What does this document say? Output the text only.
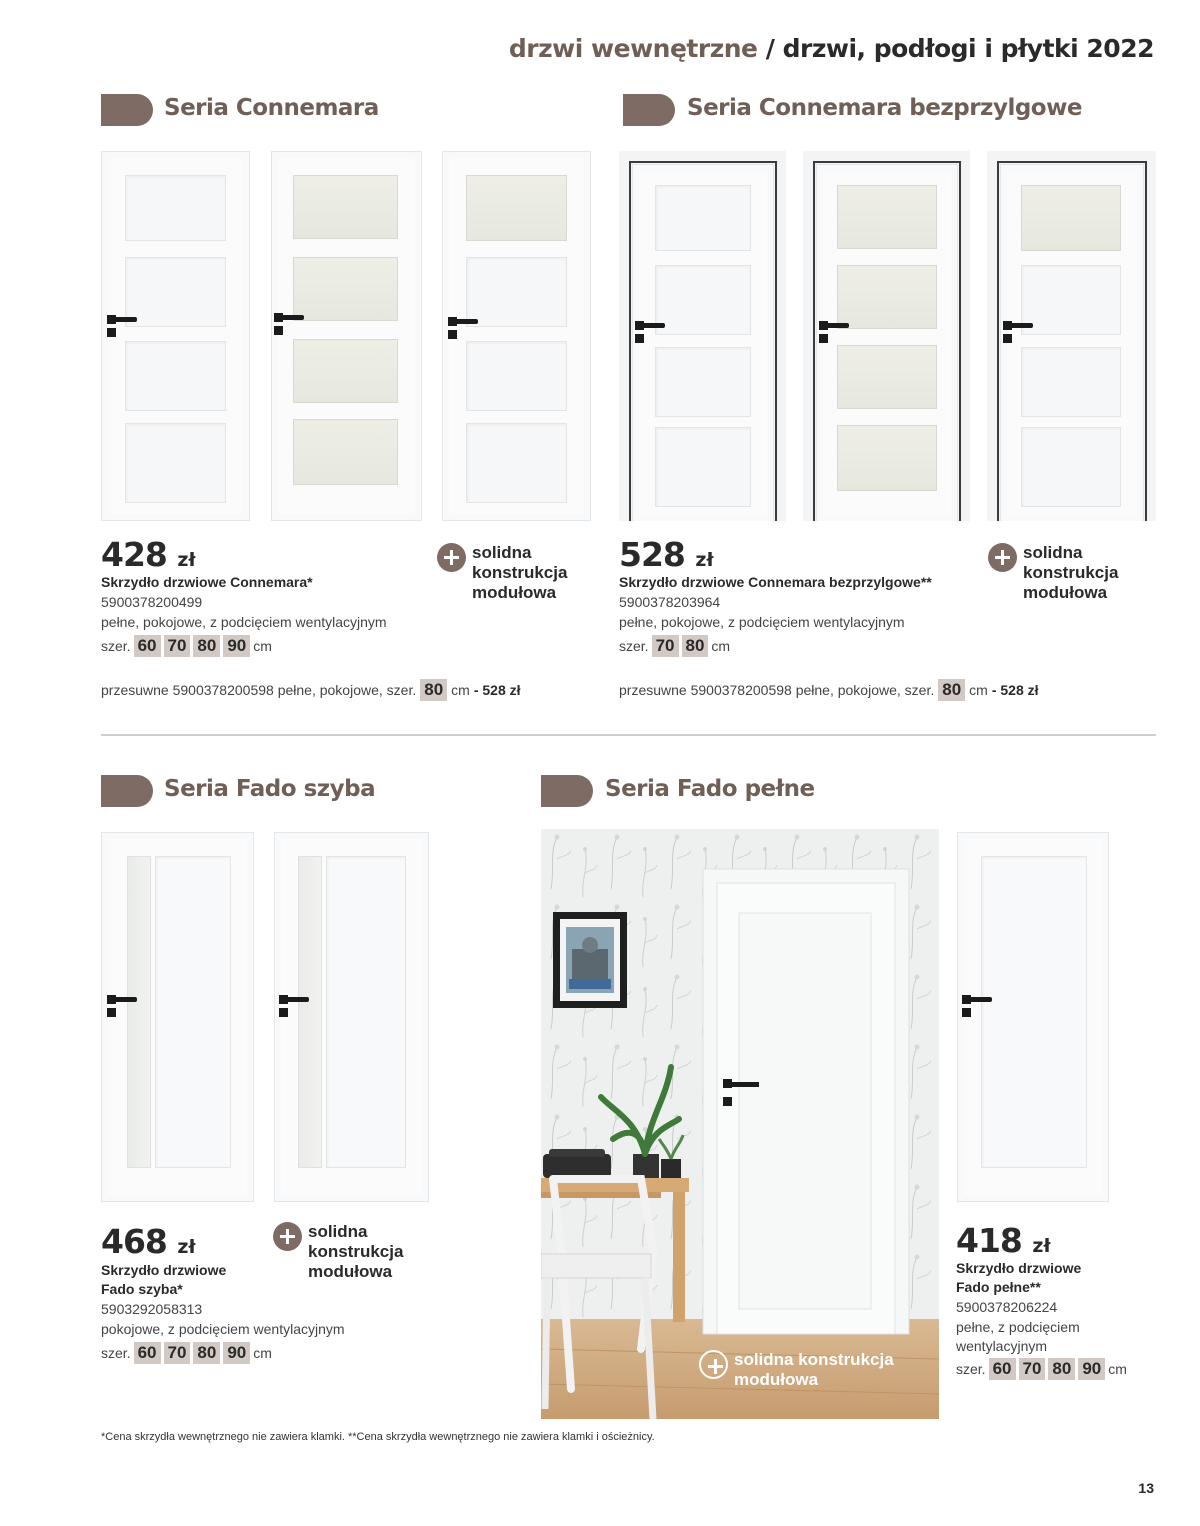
drzwi wewnętrzne / drzwi, podłogi i płytki 2022
Seria Connemara
428 zł
Skrzydło drzwiowe Connemara*
5900378200499
pełne, pokojowe, z podcięciem wentylacyjnym
szer. 60 70 80 90 cm
solidna konstrukcja modułowa
przesuwne 5900378200598 pełne, pokojowe, szer. 80 cm - 528 zł
Seria Connemara bezprzylgowe
528 zł
Skrzydło drzwiowe Connemara bezprzylgowe**
5900378203964
pełne, pokojowe, z podcięciem wentylacyjnym
szer. 70 80 cm
solidna konstrukcja modułowa
przesuwne 5900378200598 pełne, pokojowe, szer. 80 cm - 528 zł
Seria Fado szyba
468 zł
Skrzydło drzwiowe
Fado szyba*
5903292058313
pokojowe, z podcięciem wentylacyjnym
szer. 60 70 80 90 cm
solidna konstrukcja modułowa
Seria Fado pełne
solidna konstrukcja modułowa
418 zł
Skrzydło drzwiowe
Fado pełne**
5900378206224
pełne, z podcięciem
wentylacyjnym
szer. 60 70 80 90 cm
*Cena skrzydła wewnętrznego nie zawiera klamki. **Cena skrzydła wewnętrznego nie zawiera klamki i ościeżnicy.
13
